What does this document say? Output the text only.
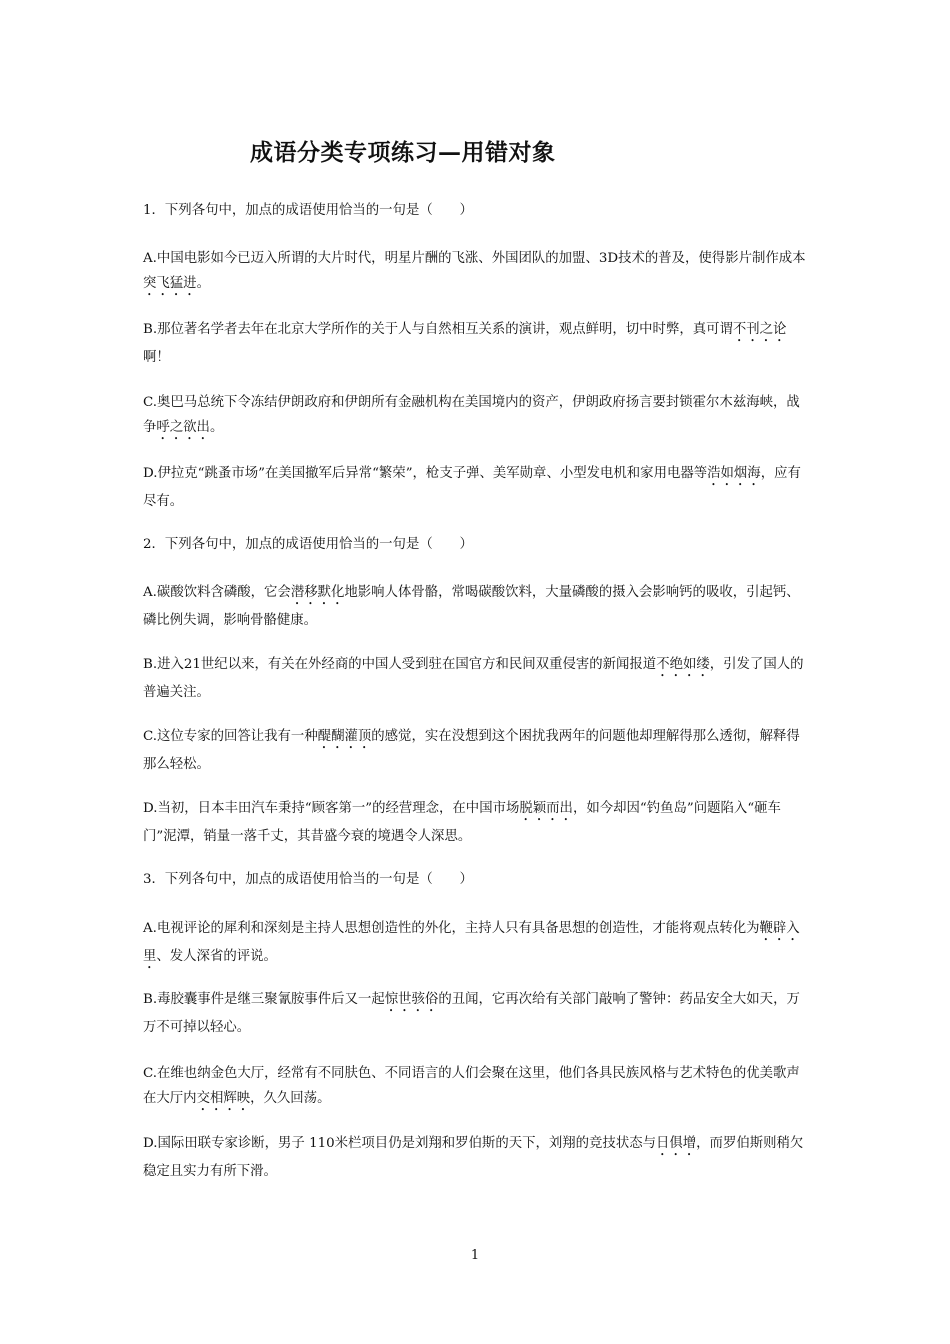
成语分类专项练习—用错对象
1．下列各句中，加点的成语使用恰当的一句是（　　）
A.中国电影如今已迈入所谓的大片时代，明星片酬的飞涨、外国团队的加盟、3D技术的普及，使得影片制作成本突飞猛进。
B.那位著名学者去年在北京大学所作的关于人与自然相互关系的演讲，观点鲜明，切中时弊，真可谓不刊之论啊！
C.奥巴马总统下令冻结伊朗政府和伊朗所有金融机构在美国境内的资产，伊朗政府扬言要封锁霍尔木兹海峡，战争呼之欲出。
D.伊拉克“跳蚤市场”在美国撤军后异常“繁荣”，枪支子弹、美军勋章、小型发电机和家用电器等浩如烟海，应有尽有。
2．下列各句中，加点的成语使用恰当的一句是（　　）
A.碳酸饮料含磷酸，它会潜移默化地影响人体骨骼，常喝碳酸饮料，大量磷酸的摄入会影响钙的吸收，引起钙、磷比例失调，影响骨骼健康。
B.进入21世纪以来，有关在外经商的中国人受到驻在国官方和民间双重侵害的新闻报道不绝如缕，引发了国人的普遍关注。
C.这位专家的回答让我有一种醍醐灌顶的感觉，实在没想到这个困扰我两年的问题他却理解得那么透彻，解释得那么轻松。
D.当初，日本丰田汽车秉持“顾客第一”的经营理念，在中国市场脱颖而出，如今却因“钓鱼岛”问题陷入“砸车门”泥潭，销量一落千丈，其昔盛今衰的境遇令人深思。
3．下列各句中，加点的成语使用恰当的一句是（　　）
A.电视评论的犀利和深刻是主持人思想创造性的外化，主持人只有具备思想的创造性，才能将观点转化为鞭辟入里、发人深省的评说。
B.毒胶囊事件是继三聚氰胺事件后又一起惊世骇俗的丑闻，它再次给有关部门敲响了警钟：药品安全大如天，万万不可掉以轻心。
C.在维也纳金色大厅，经常有不同肤色、不同语言的人们会聚在这里，他们各具民族风格与艺术特色的优美歌声在大厅内交相辉映，久久回荡。
D.国际田联专家诊断，男子 110米栏项目仍是刘翔和罗伯斯的天下，刘翔的竞技状态与日俱增，而罗伯斯则稍欠稳定且实力有所下滑。
1
